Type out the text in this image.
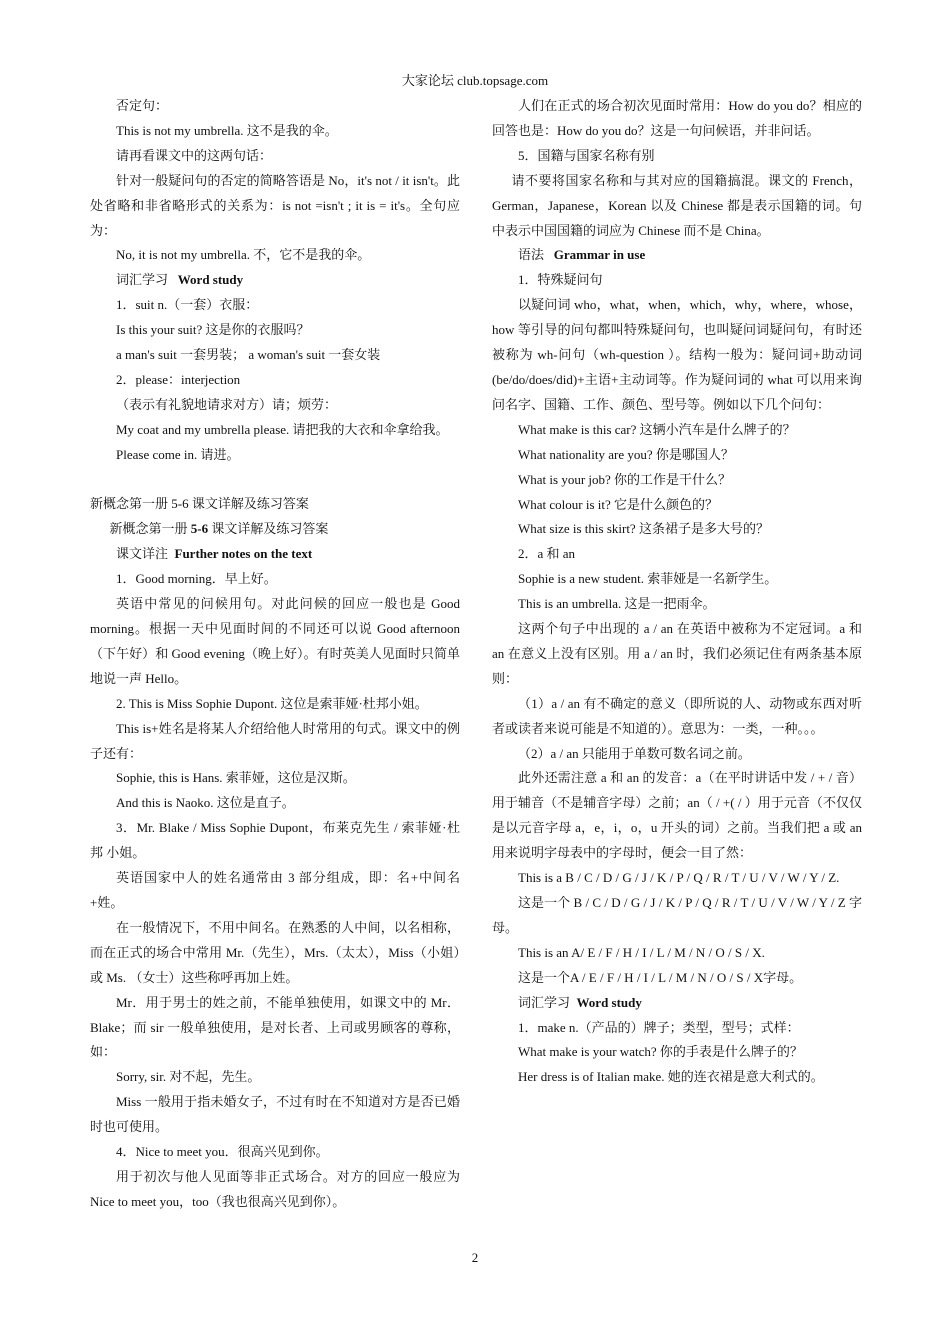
大家论坛 club.topsage.com

否定句：

This is not my umbrella. 这不是我的伞。

请再看课文中的这两句话：

针对一般疑问句的否定的简略答语是 No，it's not / it isn't。此处省略和非省略形式的关系为：is not =isn't ; it is = it's。全句应为：

No, it is not my umbrella. 不，它不是我的伞。

词汇学习 Word study

1．suit n.（一套）衣服：

Is this your suit? 这是你的衣服吗？

a man's suit 一套男装； a woman's suit 一套女装

2．please：interjection

（表示有礼貌地请求对方）请；烦劳：

My coat and my umbrella please. 请把我的大衣和伞拿给我。

Please come in. 请进。

新概念第一册 5-6 课文详解及练习答案

新概念第一册 5-6 课文详解及练习答案

课文详注 Further notes on the text

1．Good morning．早上好。

英语中常见的问候用句。对此问候的回应一般也是 Good morning。根据一天中见面时间的不同还可以说 Good afternoon （下午好）和 Good evening（晚上好）。有时英美人见面时只简单地说一声 Hello。

2. This is Miss Sophie Dupont. 这位是索菲娅·杜邦小姐。

This is+姓名是将某人介绍给他人时常用的句式。课文中的例子还有：

Sophie, this is Hans. 索菲娅，这位是汉斯。

And this is Naoko. 这位是直子。

3．Mr. Blake / Miss Sophie Dupont，布莱克先生 / 索菲娅·杜邦 小姐。

英语国家中人的姓名通常由 3 部分组成，即：名+中间名+姓。

在一般情况下，不用中间名。在熟悉的人中间，以名相称，而在正式的场合中常用 Mr.（先生），Mrs.（太太），Miss（小姐）或 Ms. （女士）这些称呼再加上姓。

Mr．用于男士的姓之前，不能单独使用，如课文中的 Mr．Blake；而 sir 一般单独使用，是对长者、上司或男顾客的尊称，如：

Sorry, sir. 对不起，先生。

Miss 一般用于指未婚女子，不过有时在不知道对方是否已婚时也可使用。

4．Nice to meet you．很高兴见到你。

用于初次与他人见面等非正式场合。对方的回应一般应为 Nice to meet you，too（我也很高兴见到你）。

人们在正式的场合初次见面时常用：How do you do？相应的回答也是：How do you do？这是一句问候语，并非问话。

5．国籍与国家名称有别

请不要将国家名称和与其对应的国籍搞混。课文的 French，German，Japanese，Korean 以及 Chinese 都是表示国籍的词。句中表示中国国籍的词应为 Chinese 而不是 China。

语法 Grammar in use

1．特殊疑问句

以疑问词 who，what，when，which，why，where，whose，how 等引导的问句都叫特殊疑问句，也叫疑问词疑问句，有时还被称为 wh-问句（wh-question ）。结构一般为：疑问词+助动词(be/do/does/did)+主语+主动词等。作为疑问词的 what 可以用来询问名字、国籍、工作、颜色、型号等。例如以下几个问句：

What make is this car? 这辆小汽车是什么牌子的？

What nationality are you? 你是哪国人？

What is your job? 你的工作是干什么？

What colour is it? 它是什么颜色的？

What size is this skirt? 这条裙子是多大号的？

2．a 和 an

Sophie is a new student. 索菲娅是一名新学生。

This is an umbrella. 这是一把雨伞。

这两个句子中出现的 a / an 在英语中被称为不定冠词。a 和 an 在意义上没有区别。用 a / an 时，我们必须记住有两条基本原则：

（1）a / an 有不确定的意义（即所说的人、动物或东西对听者或读者来说可能是不知道的）。意思为：一类，一种。。。

（2）a / an 只能用于单数可数名词之前。

此外还需注意 a 和 an 的发音：a（在平时讲话中发 / + / 音）用于辅音（不是辅音字母）之前；an（ / +( / ）用于元音（不仅仅是以元音字母 a，e，i，o，u 开头的词）之前。当我们把 a 或 an 用来说明字母表中的字母时，便会一目了然：

This is a B / C / D / G / J / K / P / Q / R / T / U / V / W / Y / Z.

这是一个 B / C / D / G / J / K / P / Q / R / T / U / V / W / Y / Z 字母。

This is an A/ E / F / H / I / L / M / N / O / S / X.

这是一个A / E / F / H / I / L / M / N / O / S / X字母。

词汇学习 Word study

1．make n.（产品的）牌子；类型，型号；式样：

What make is your watch? 你的手表是什么牌子的？

Her dress is of Italian make. 她的连衣裙是意大利式的。

2
